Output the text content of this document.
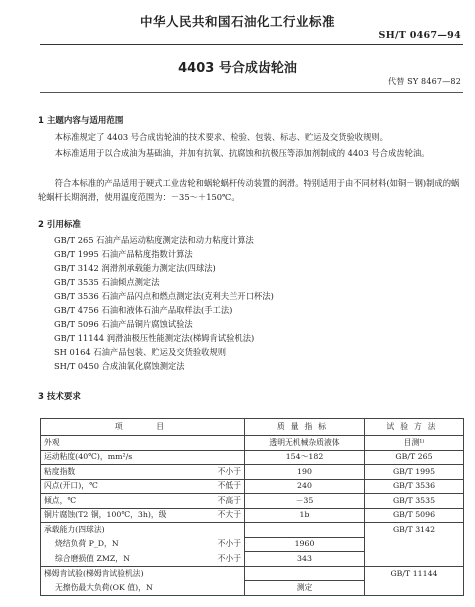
中华人民共和国石油化工行业标准
SH/T 0467—94
4403 号合成齿轮油
代替 SY 8467—82
1 主题内容与适用范围
本标准规定了 4403 号合成齿轮油的技术要求、检验、包装、标志、贮运及交货验收规则。
本标准适用于以合成油为基础油，并加有抗氧、抗腐蚀和抗极压等添加剂制成的 4403 号合成齿轮油。
符合本标准的产品适用于硬式工业齿轮和蜗轮蜗杆传动装置的润滑。特别适用于由不同材料(如铜－钢)制成的蜗轮蜗杆长期润滑，使用温度范围为：－35～＋150℃。
2 引用标准
GB/T 265 石油产品运动粘度测定法和动力粘度计算法
GB/T 1995 石油产品粘度指数计算法
GB/T 3142 润滑剂承载能力测定法(四球法)
GB/T 3535 石油倾点测定法
GB/T 3536 石油产品闪点和燃点测定法(克利夫兰开口杯法)
GB/T 4756 石油和液体石油产品取样法(手工法)
GB/T 5096 石油产品铜片腐蚀试验法
GB/T 11144 润滑油极压性能测定法(梯姆肯试验机法)
SH 0164 石油产品包装、贮运及交货验收规则
SH/T 0450 合成油氧化腐蚀测定法
3 技术要求
项　　目		质量指标	试验方法
外观		透明无机械杂质液体	目测¹⁾
运动粘度(40℃)，mm²/s		154～182	GB/T 265
粘度指数	不小于	190	GB/T 1995
闪点(开口)，℃	不低于	240	GB/T 3536
倾点，℃	不高于	－35	GB/T 3535
铜片腐蚀(T2 铜，100℃，3h)，级	不大于	1b	GB/T 5096
承载能力(四球法)			GB/T 3142
烧结负荷 P_D，N	不小于	1960	
综合磨损值 ZMZ，N	不小于	343	
梯姆肯试验(梯姆肯试验机法)			GB/T 11144
无擦伤最大负荷(OK 值)，N		测定	
